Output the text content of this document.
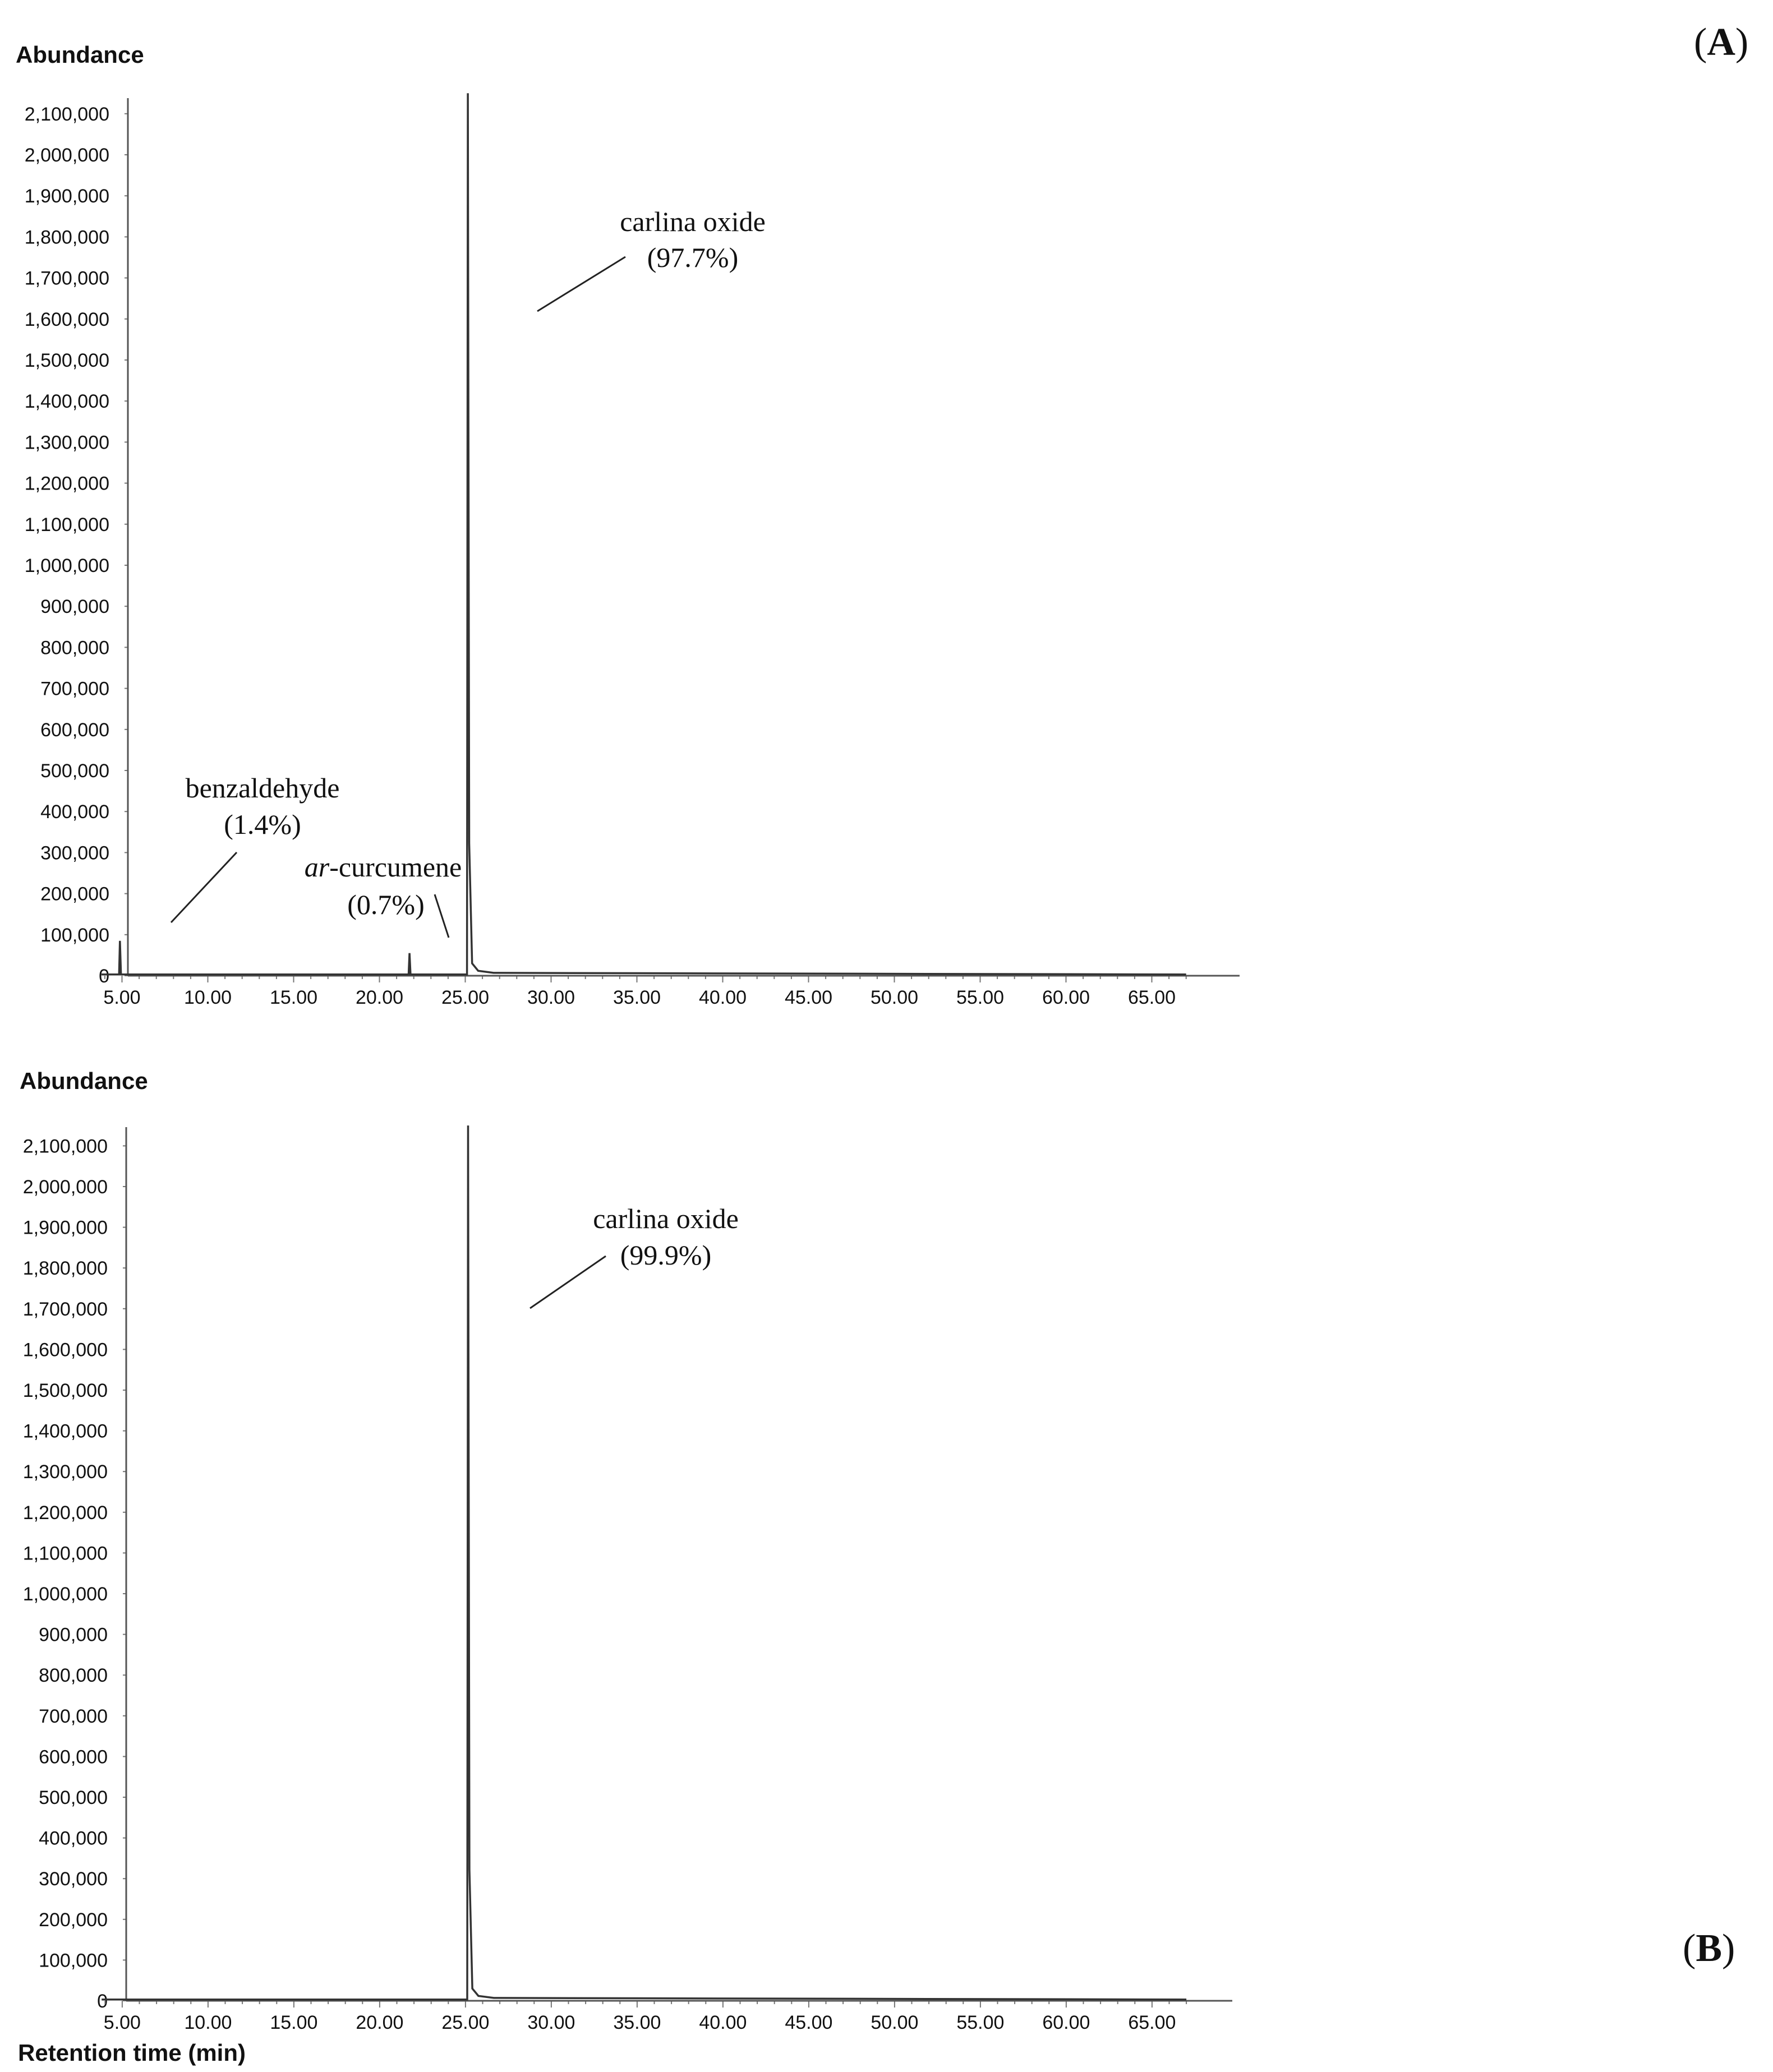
Abundance	(A)
0
100,000
200,000
300,000
400,000
500,000
600,000
700,000
800,000
900,000
1,000,000
1,100,000
1,200,000
1,300,000
1,400,000
1,500,000
1,600,000
1,700,000
1,800,000
1,900,000
2,000,000
2,100,000
5.00 10.00 15.00 20.00 25.00 30.00 35.00 40.00 45.00 50.00 55.00 60.00 65.00
carlina oxide
(97.7%)
benzaldehyde
(1.4%)
ar-curcumene
(0.7%)
Abundance
(B)
0
100,000
200,000
300,000
400,000
500,000
600,000
700,000
800,000
900,000
1,000,000
1,100,000
1,200,000
1,300,000
1,400,000
1,500,000
1,600,000
1,700,000
1,800,000
1,900,000
2,000,000
2,100,000
5.00 10.00 15.00 20.00 25.00 30.00 35.00 40.00 45.00 50.00 55.00 60.00 65.00
carlina oxide
(99.9%)
Retention time (min)
